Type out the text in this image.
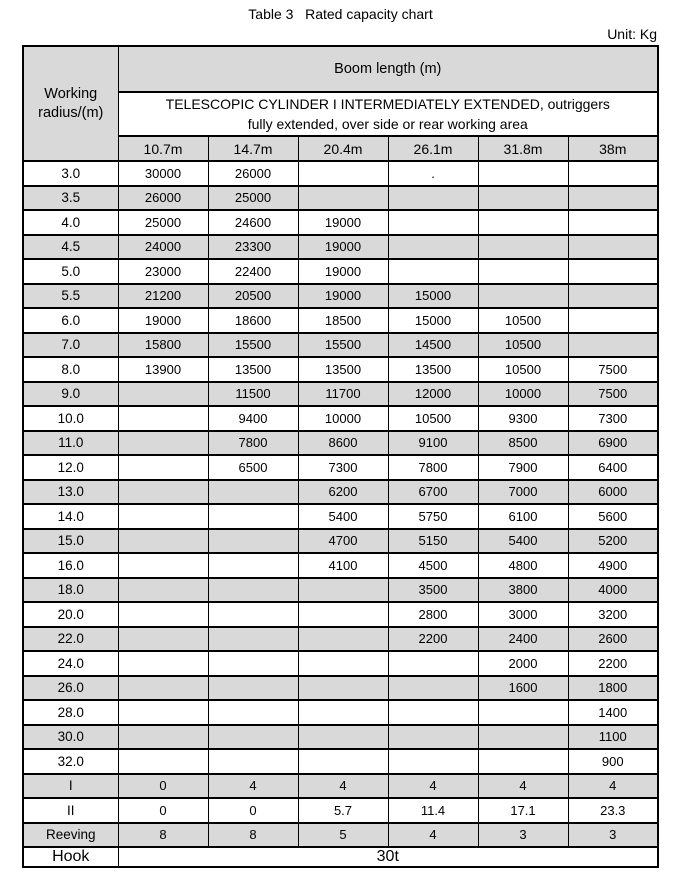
Table 3   Rated capacity chart
Unit: Kg
Working radius/(m)	Boom length (m)					

	TELESCOPIC CYLINDER I INTERMEDIATELY EXTENDED, outriggers
fully extended, over side or rear working area					

	10.7m	14.7m	20.4m	26.1m	31.8m	38m
3.0	30000	26000		.		
3.5	26000	25000				
4.0	25000	24600	19000			
4.5	24000	23300	19000			
5.0	23000	22400	19000			
5.5	21200	20500	19000	15000		
6.0	19000	18600	18500	15000	10500	
7.0	15800	15500	15500	14500	10500	
8.0	13900	13500	13500	13500	10500	7500
9.0		11500	11700	12000	10000	7500
10.0		9400	10000	10500	9300	7300
11.0		7800	8600	9100	8500	6900
12.0		6500	7300	7800	7900	6400
13.0			6200	6700	7000	6000
14.0			5400	5750	6100	5600
15.0			4700	5150	5400	5200
16.0			4100	4500	4800	4900
18.0				3500	3800	4000
20.0				2800	3000	3200
22.0				2200	2400	2600
24.0					2000	2200
26.0					1600	1800
28.0						1400
30.0						1100
32.0						900
I	0	4	4	4	4	4
II	0	0	5.7	11.4	17.1	23.3
Reeving	8	8	5	4	3	3
Hook	30t					
